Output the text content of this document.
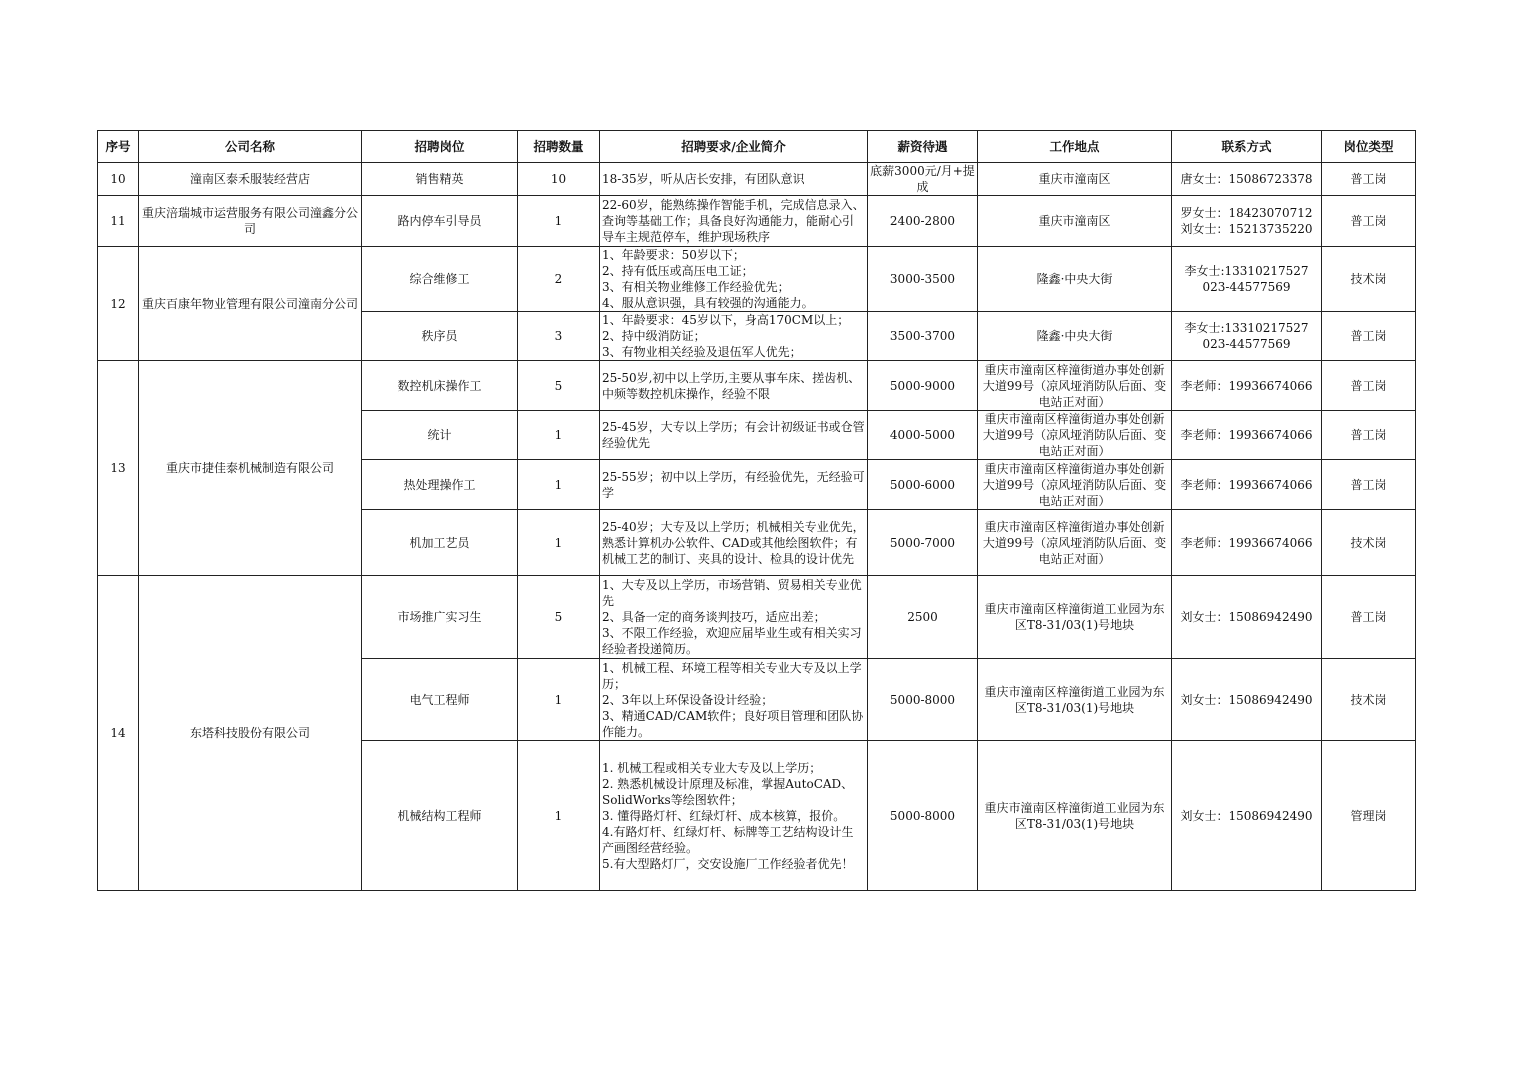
序号	公司名称	招聘岗位	招聘数量	招聘要求/企业简介	薪资待遇	工作地点	联系方式	岗位类型
10	潼南区泰禾服装经营店	销售精英	10	18-35岁，听从店长安排，有团队意识	底薪3000元/月+提成	重庆市潼南区	唐女士：15086723378	普工岗
11	重庆涪瑞城市运营服务有限公司潼鑫分公司	路内停车引导员	1	22-60岁，能熟练操作智能手机，完成信息录入、查询等基础工作；具备良好沟通能力，能耐心引导车主规范停车，维护现场秩序	2400-2800	重庆市潼南区	罗女士：18423070712
刘女士：15213735220	普工岗
12	重庆百康年物业管理有限公司潼南分公司	综合维修工	2	1、年龄要求：50岁以下；
2、持有低压或高压电工证；
3、有相关物业维修工作经验优先；
4、服从意识强，具有较强的沟通能力。	3000-3500	隆鑫·中央大街	李女士:13310217527
023-44577569	技术岗
		秩序员	3	1、年龄要求：45岁以下，身高170CM以上；
2、持中级消防证；
3、有物业相关经验及退伍军人优先；	3500-3700	隆鑫·中央大街	李女士:13310217527
023-44577569	普工岗
13	重庆市捷佳泰机械制造有限公司	数控机床操作工	5	25-50岁,初中以上学历,主要从事车床、搓齿机、中频等数控机床操作，经验不限	5000-9000	重庆市潼南区梓潼街道办事处创新大道99号（凉风垭消防队后面、变电站正对面）	李老师：19936674066	普工岗
		统计	1	25-45岁，大专以上学历；有会计初级证书或仓管经验优先	4000-5000	重庆市潼南区梓潼街道办事处创新大道99号（凉风垭消防队后面、变电站正对面）	李老师：19936674066	普工岗
		热处理操作工	1	25-55岁；初中以上学历，有经验优先，无经验可学	5000-6000	重庆市潼南区梓潼街道办事处创新大道99号（凉风垭消防队后面、变电站正对面）	李老师：19936674066	普工岗
		机加工艺员	1	25-40岁；大专及以上学历；机械相关专业优先，熟悉计算机办公软件、CAD或其他绘图软件；有机械工艺的制订、夹具的设计、检具的设计优先	5000-7000	重庆市潼南区梓潼街道办事处创新大道99号（凉风垭消防队后面、变电站正对面）	李老师：19936674066	技术岗
14	东塔科技股份有限公司	市场推广实习生	5	1、大专及以上学历，市场营销、贸易相关专业优先
2、具备一定的商务谈判技巧，适应出差；
3、不限工作经验，欢迎应届毕业生或有相关实习经验者投递简历。	2500	重庆市潼南区梓潼街道工业园为东区T8-31/03(1)号地块	刘女士：15086942490	普工岗
		电气工程师	1	1、机械工程、环境工程等相关专业大专及以上学历；
2、3年以上环保设备设计经验；
3、精通CAD/CAM软件；良好项目管理和团队协作能力。	5000-8000	重庆市潼南区梓潼街道工业园为东区T8-31/03(1)号地块	刘女士：15086942490	技术岗
		机械结构工程师	1	1. 机械工程或相关专业大专及以上学历；
2. 熟悉机械设计原理及标准，掌握AutoCAD、SolidWorks等绘图软件；
3. 懂得路灯杆、红绿灯杆、成本核算，报价。
4.有路灯杆、红绿灯杆、标牌等工艺结构设计生产画图经营经验。
5.有大型路灯厂，交安设施厂工作经验者优先！	5000-8000	重庆市潼南区梓潼街道工业园为东区T8-31/03(1)号地块	刘女士：15086942490	管理岗
